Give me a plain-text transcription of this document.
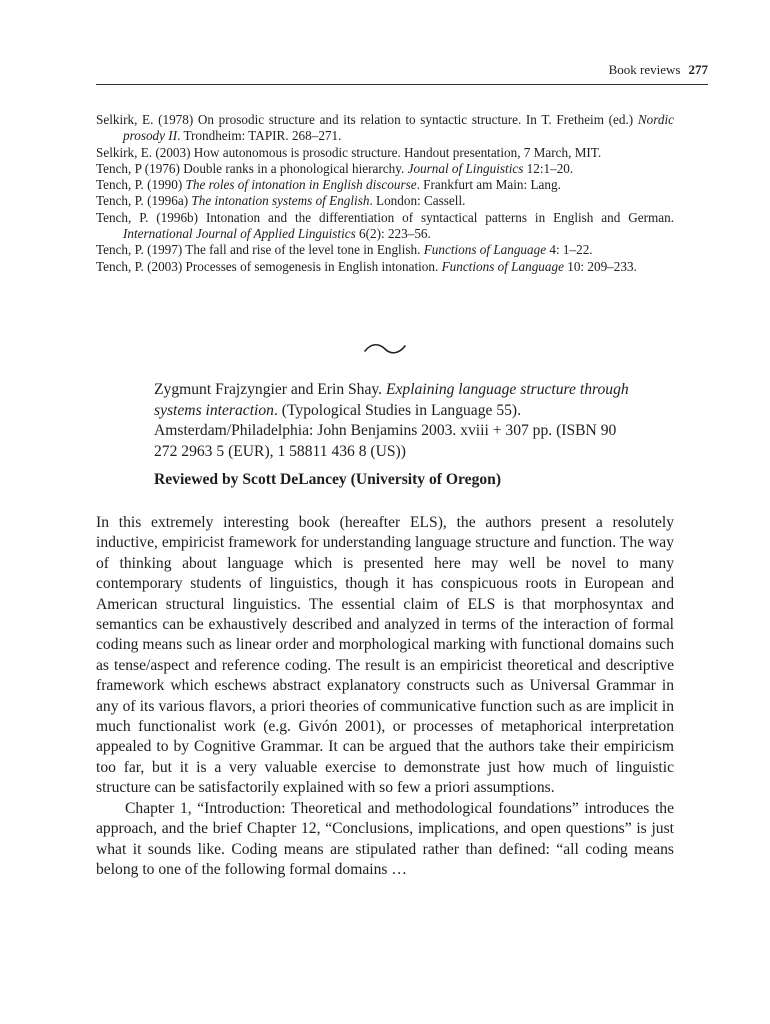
Book reviews 277
Selkirk, E. (1978) On prosodic structure and its relation to syntactic structure. In T. Fretheim (ed.) Nordic prosody II. Trondheim: TAPIR. 268–271.
Selkirk, E. (2003) How autonomous is prosodic structure. Handout presentation, 7 March, MIT.
Tench, P (1976) Double ranks in a phonological hierarchy. Journal of Linguistics 12:1–20.
Tench, P. (1990) The roles of intonation in English discourse. Frankfurt am Main: Lang.
Tench, P. (1996a) The intonation systems of English. London: Cassell.
Tench, P. (1996b) Intonation and the differentiation of syntactical patterns in English and German. International Journal of Applied Linguistics 6(2): 223–56.
Tench, P. (1997) The fall and rise of the level tone in English. Functions of Language 4: 1–22.
Tench, P. (2003) Processes of semogenesis in English intonation. Functions of Language 10: 209–233.
Zygmunt Frajzyngier and Erin Shay. Explaining language structure through systems interaction. (Typological Studies in Language 55). Amsterdam/Philadelphia: John Benjamins 2003. xviii + 307 pp. (ISBN 90 272 2963 5 (EUR), 1 58811 436 8 (US))
Reviewed by Scott DeLancey (University of Oregon)

In this extremely interesting book (hereafter ELS), the authors present a resolutely inductive, empiricist framework for understanding language structure and function. The way of thinking about language which is presented here may well be novel to many contemporary students of linguistics, though it has conspicuous roots in European and American structural linguistics. The essential claim of ELS is that morphosyntax and semantics can be exhaustively described and analyzed in terms of the interaction of formal coding means such as linear order and morphological marking with functional domains such as tense/aspect and reference coding. The result is an empiricist theoretical and descriptive framework which eschews abstract explanatory constructs such as Universal Grammar in any of its various flavors, a priori theories of communicative function such as are implicit in much functionalist work (e.g. Givón 2001), or processes of metaphorical interpretation appealed to by Cognitive Grammar. It can be argued that the authors take their empiricism too far, but it is a very valuable exercise to demonstrate just how much of linguistic structure can be satisfactorily explained with so few a priori assumptions.

Chapter 1, “Introduction: Theoretical and methodological foundations” introduces the approach, and the brief Chapter 12, “Conclusions, implications, and open questions” is just what it sounds like. Coding means are stipulated rather than defined: “all coding means belong to one of the following formal domains …
